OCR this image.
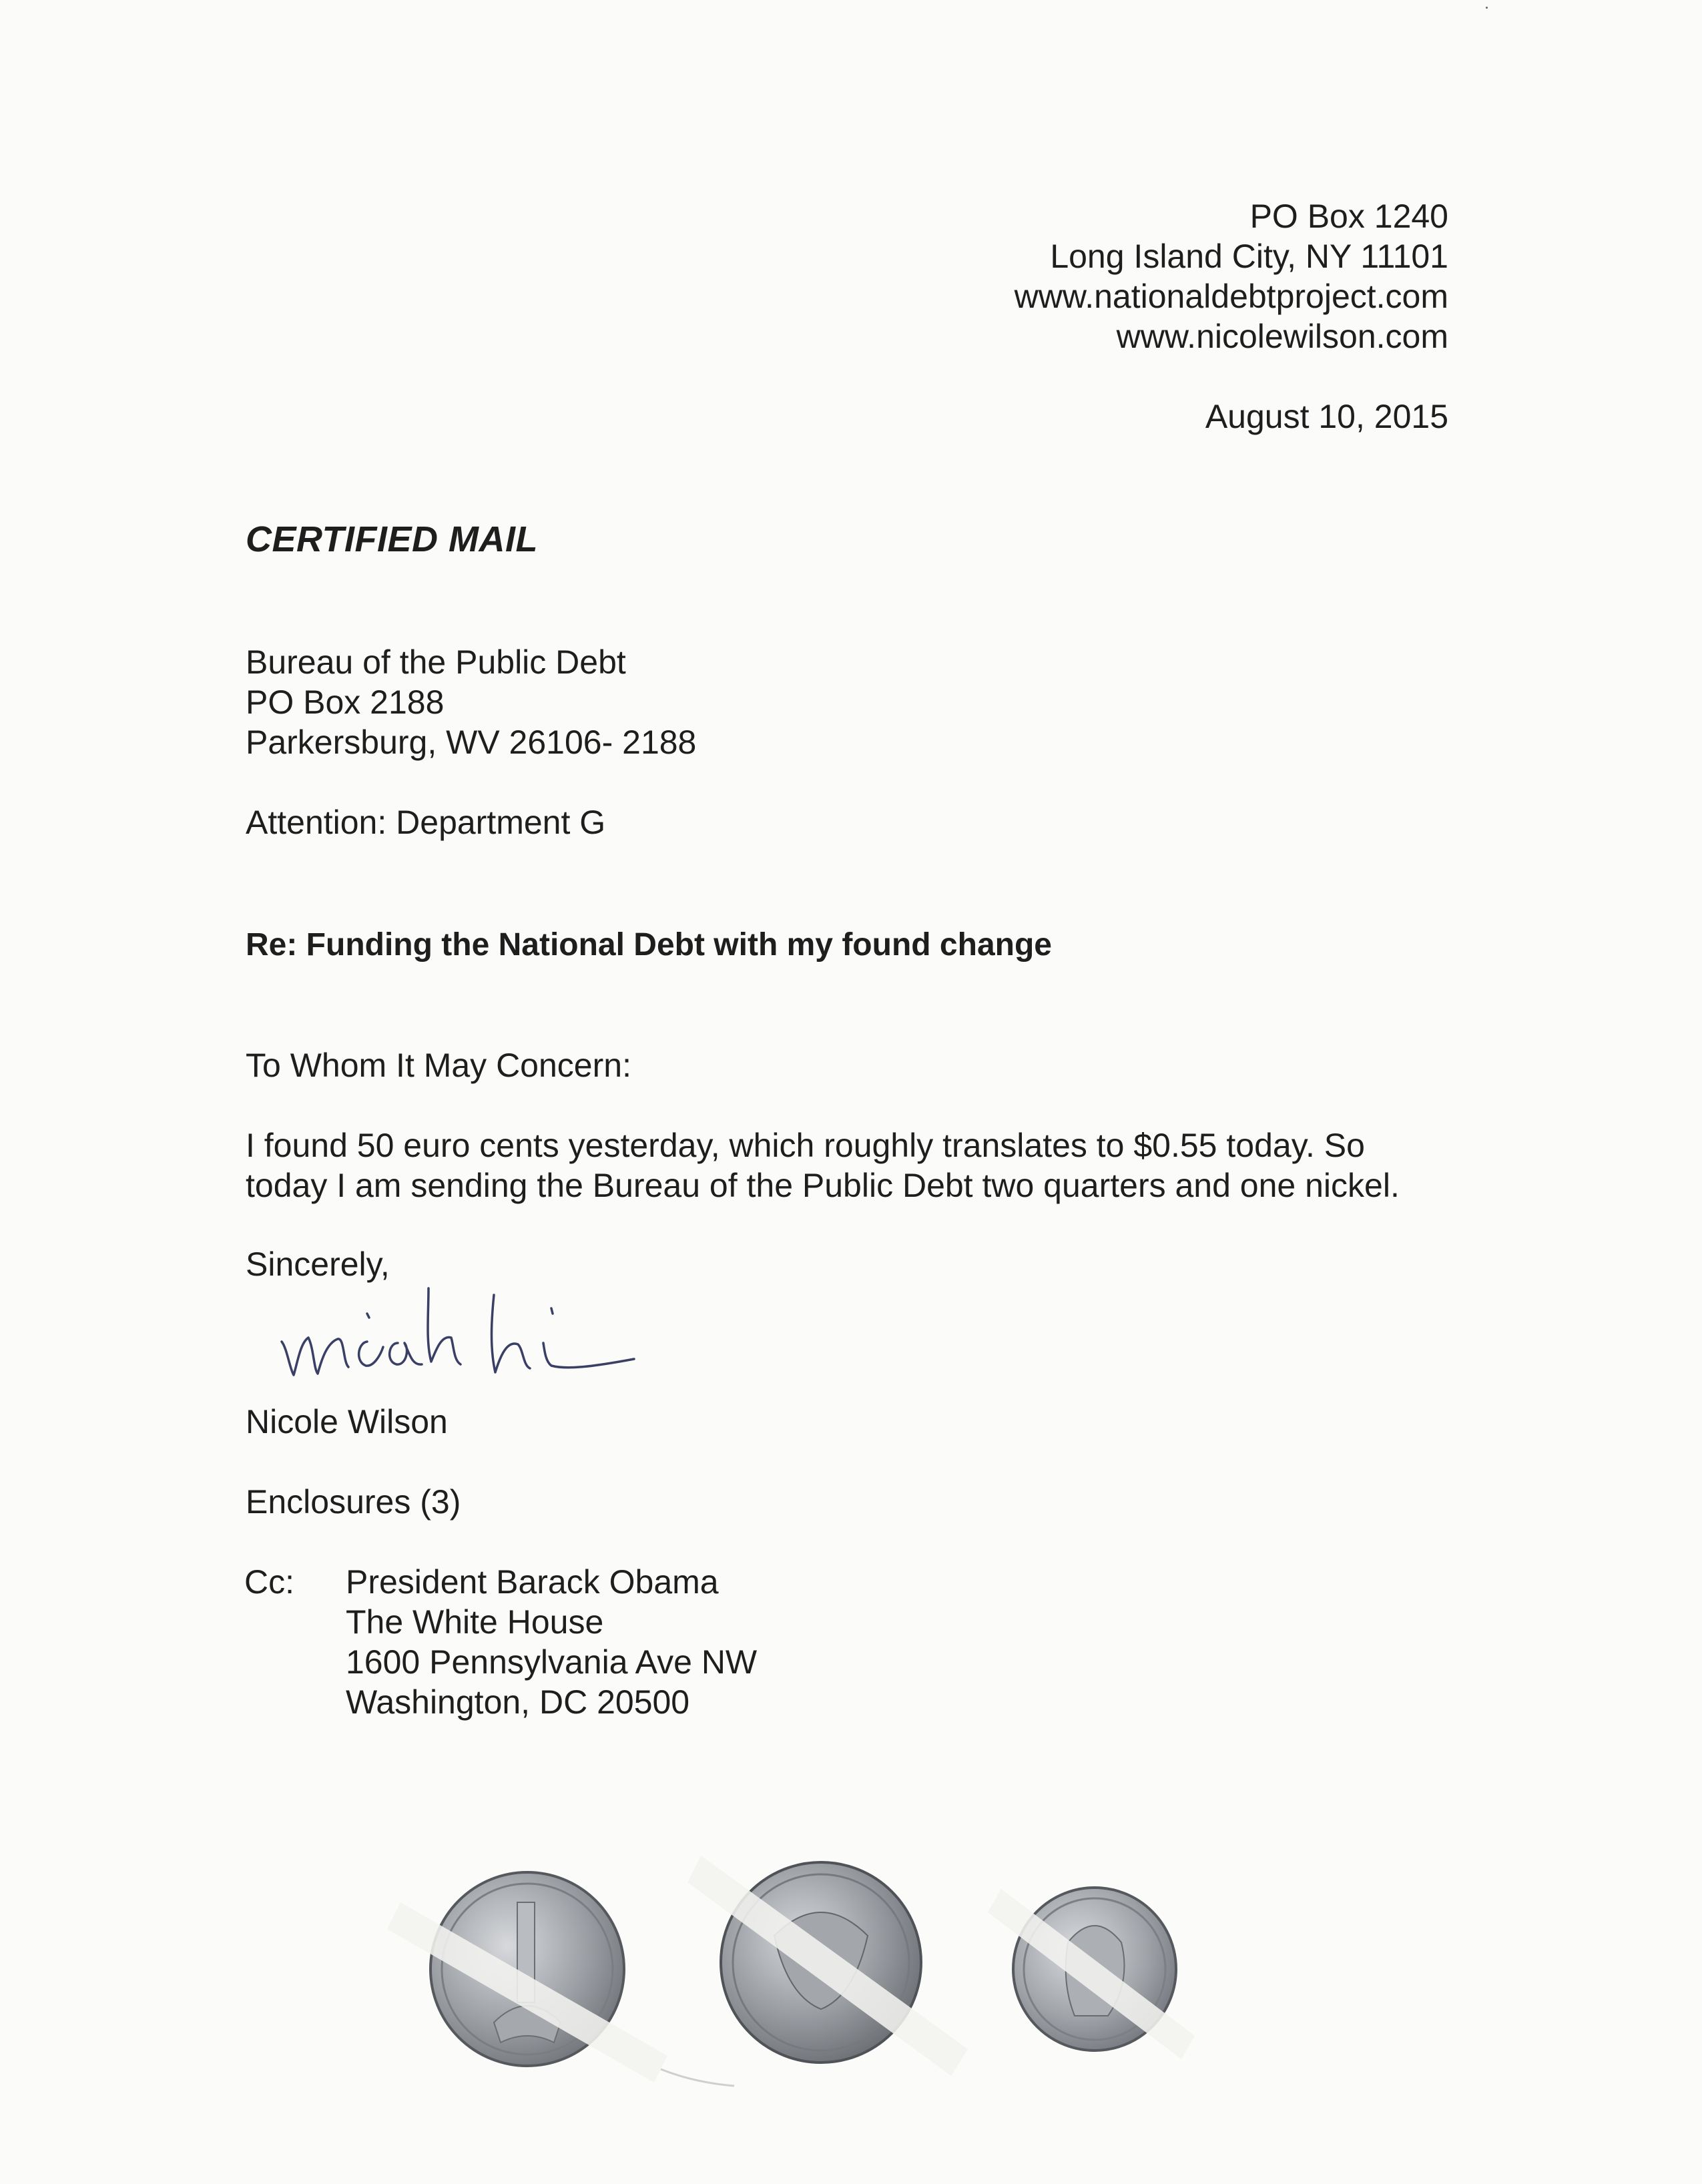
PO Box 1240
Long Island City, NY 11101
www.nationaldebtproject.com
www.nicolewilson.com
August 10, 2015
CERTIFIED MAIL
Bureau of the Public Debt
PO Box 2188
Parkersburg, WV 26106- 2188
Attention: Department G
Re: Funding the National Debt with my found change
To Whom It May Concern:
I found 50 euro cents yesterday, which roughly translates to $0.55 today. So
today I am sending the Bureau of the Public Debt two quarters and one nickel.
Sincerely,
Nicole Wilson
Enclosures (3)
Cc: President Barack Obama
The White House
1600 Pennsylvania Ave NW
Washington, DC 20500
